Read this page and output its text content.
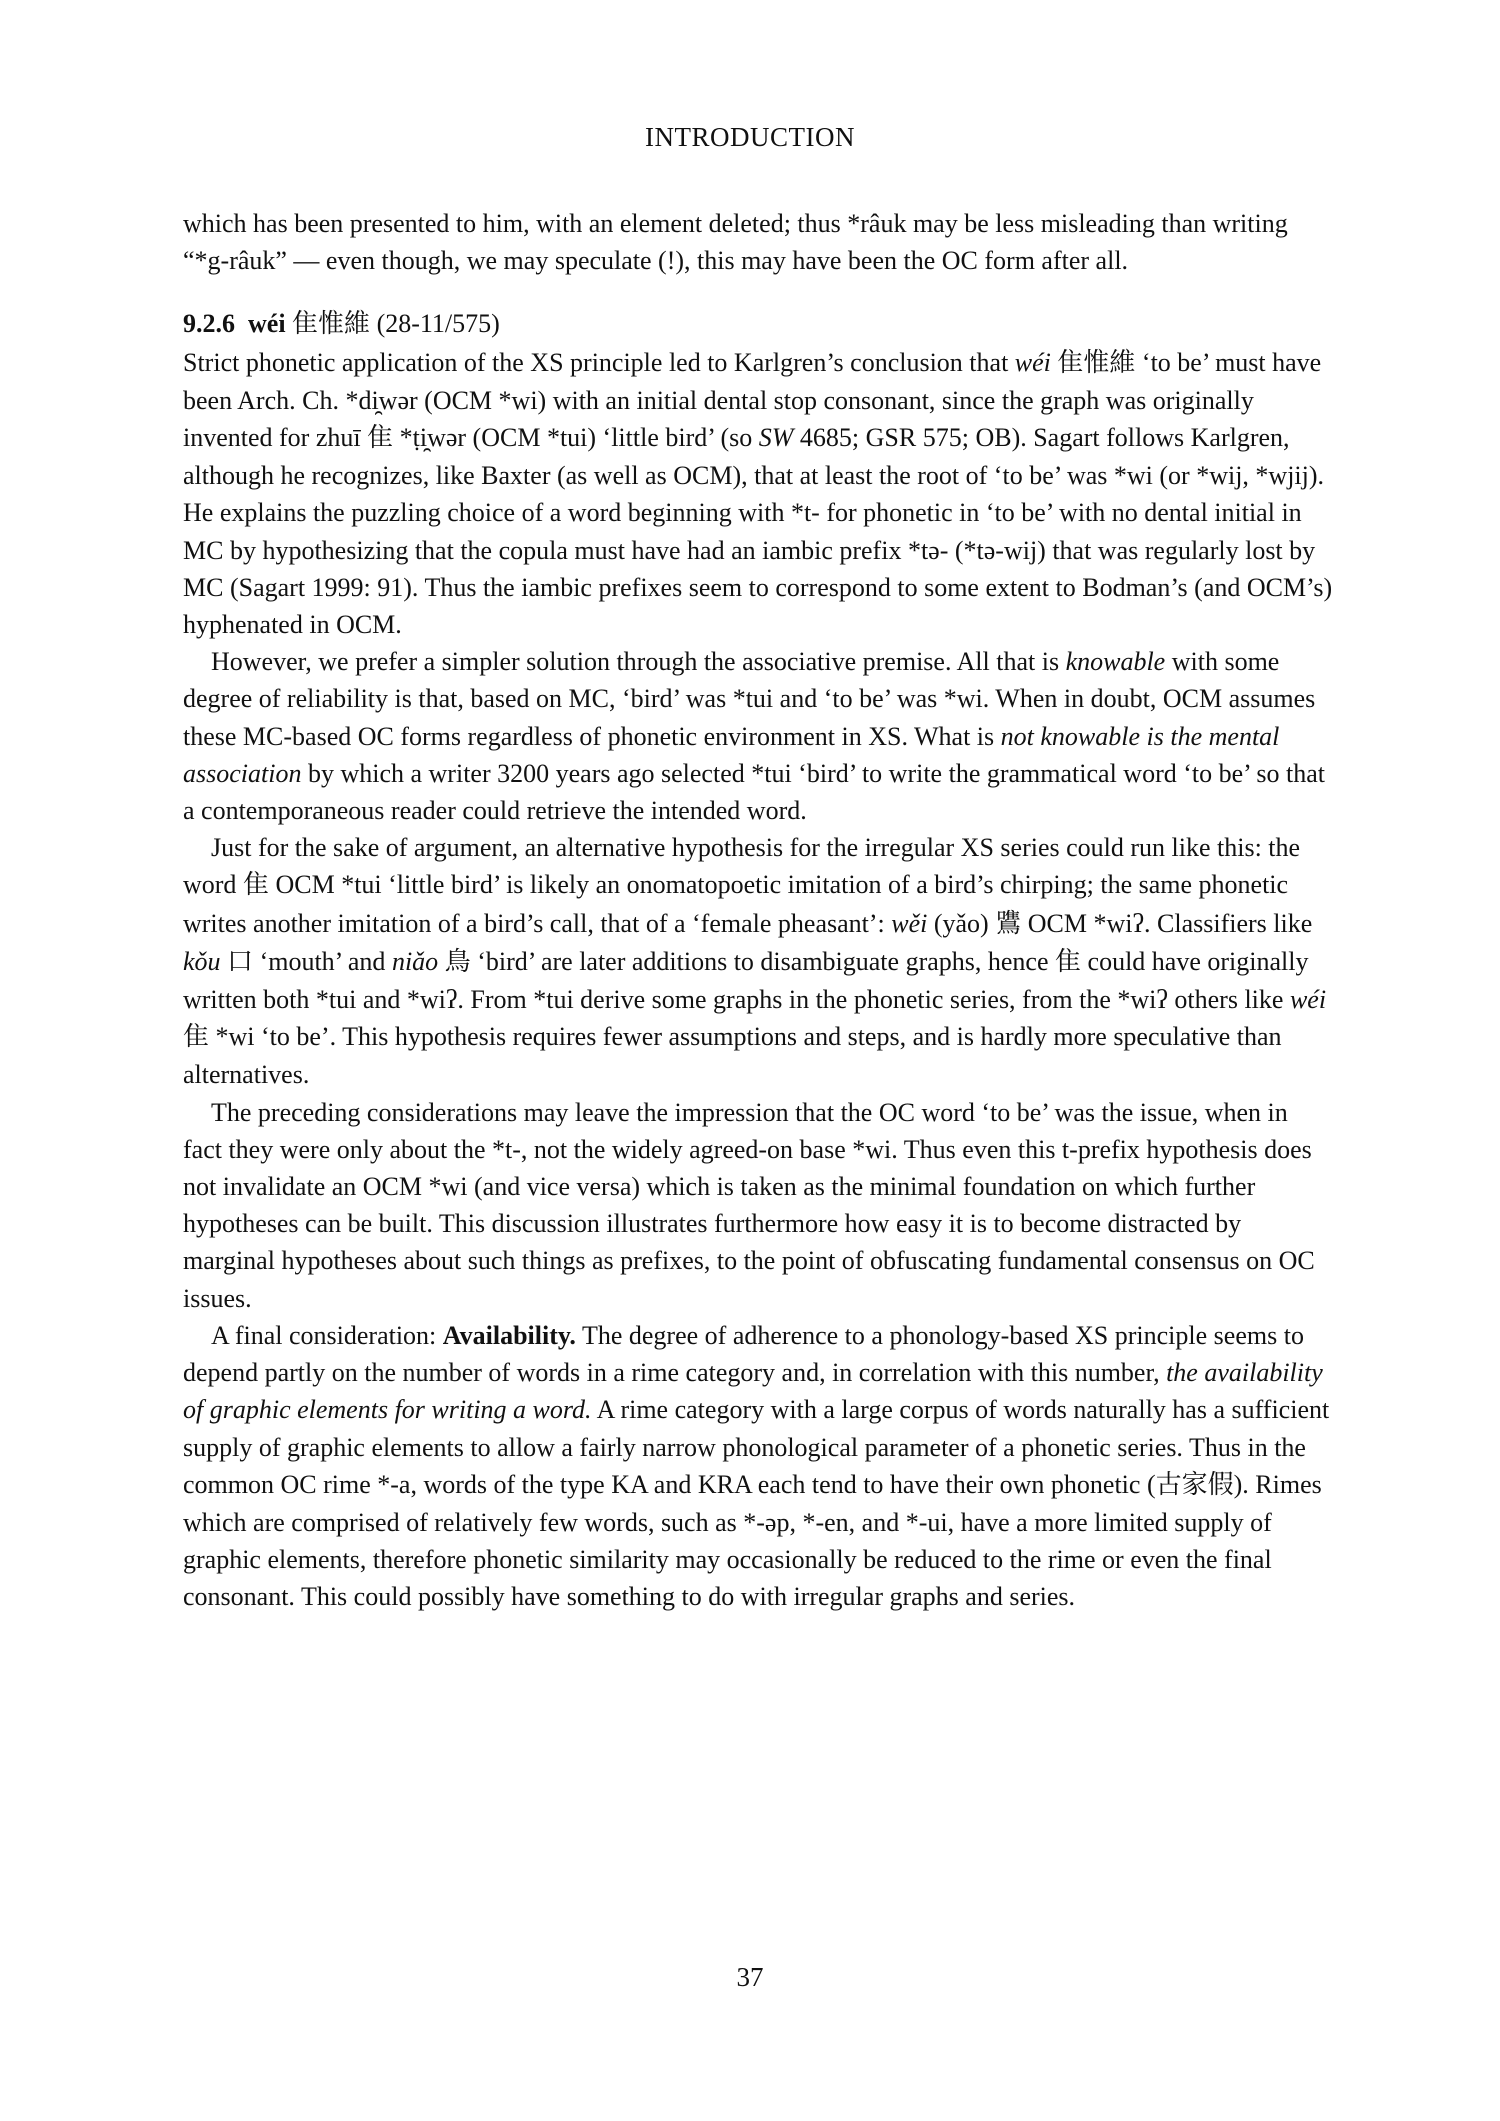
INTRODUCTION

which has been presented to him, with an element deleted; thus *râuk may be less misleading than writing “*g-râuk” — even though, we may speculate (!), this may have been the OC form after all.

9.2.6 wéi 隹惟維 (28-11/575)

Strict phonetic application of the XS principle led to Karlgren’s conclusion that wéi 隹惟維 ‘to be’ must have been Arch. Ch. *di̯wər (OCM *wi) with an initial dental stop consonant, since the graph was originally invented for zhuī 隹 *ṭi̯wər (OCM *tui) ‘little bird’ (so SW 4685; GSR 575; OB). Sagart follows Karlgren, although he recognizes, like Baxter (as well as OCM), that at least the root of ‘to be’ was *wi (or *wij, *wjij). He explains the puzzling choice of a word beginning with *t- for phonetic in ‘to be’ with no dental initial in MC by hypothesizing that the copula must have had an iambic prefix *tə- (*tə-wij) that was regularly lost by MC (Sagart 1999: 91). Thus the iambic prefixes seem to correspond to some extent to Bodman’s (and OCM’s) hyphenated in OCM.

However, we prefer a simpler solution through the associative premise. All that is knowable with some degree of reliability is that, based on MC, ‘bird’ was *tui and ‘to be’ was *wi. When in doubt, OCM assumes these MC-based OC forms regardless of phonetic environment in XS. What is not knowable is the mental association by which a writer 3200 years ago selected *tui ‘bird’ to write the grammatical word ‘to be’ so that a contemporaneous reader could retrieve the intended word.

Just for the sake of argument, an alternative hypothesis for the irregular XS series could run like this: the word 隹 OCM *tui ‘little bird’ is likely an onomatopoetic imitation of a bird’s chirping; the same phonetic writes another imitation of a bird’s call, that of a ‘female pheasant’: wěi (yǎo) 鷕 OCM *wiʔ. Classifiers like kǒu 口 ‘mouth’ and niǎo 鳥 ‘bird’ are later additions to disambiguate graphs, hence 隹 could have originally written both *tui and *wiʔ. From *tui derive some graphs in the phonetic series, from the *wiʔ others like wéi 隹 *wi ‘to be’. This hypothesis requires fewer assumptions and steps, and is hardly more speculative than alternatives.

The preceding considerations may leave the impression that the OC word ‘to be’ was the issue, when in fact they were only about the *t-, not the widely agreed-on base *wi. Thus even this t-prefix hypothesis does not invalidate an OCM *wi (and vice versa) which is taken as the minimal foundation on which further hypotheses can be built. This discussion illustrates furthermore how easy it is to become distracted by marginal hypotheses about such things as prefixes, to the point of obfuscating fundamental consensus on OC issues.

A final consideration: Availability. The degree of adherence to a phonology-based XS principle seems to depend partly on the number of words in a rime category and, in correlation with this number, the availability of graphic elements for writing a word. A rime category with a large corpus of words naturally has a sufficient supply of graphic elements to allow a fairly narrow phonological parameter of a phonetic series. Thus in the common OC rime *-a, words of the type KA and KRA each tend to have their own phonetic (古家假). Rimes which are comprised of relatively few words, such as *-əp, *-en, and *-ui, have a more limited supply of graphic elements, therefore phonetic similarity may occasionally be reduced to the rime or even the final consonant. This could possibly have something to do with irregular graphs and series.

37
